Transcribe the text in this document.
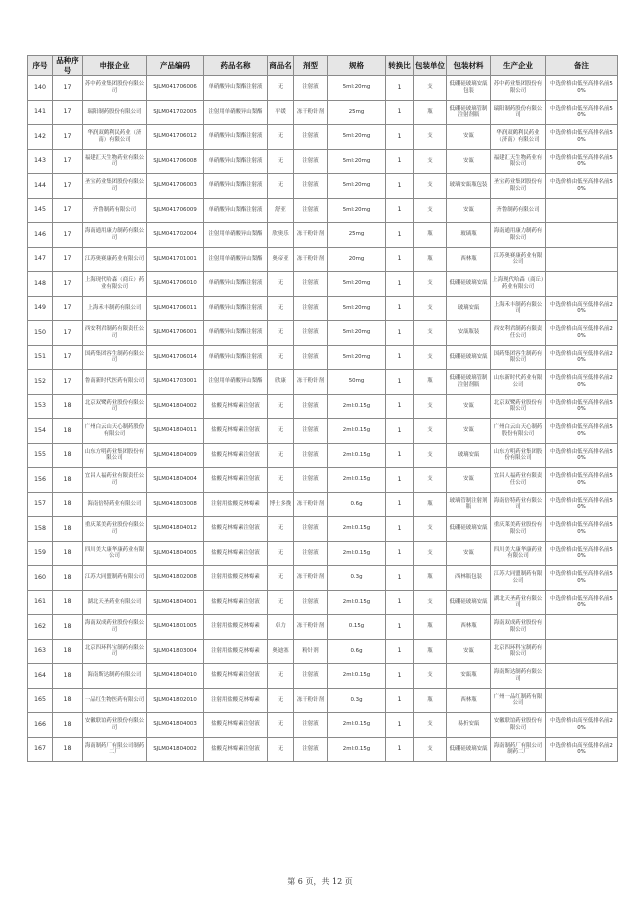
序号	品种序号	申报企业	产品编码	药品名称	商品名	剂型	规格	转换比	包装单位	包装材料	生产企业	备注
140	17	苏中药业集团股份有限公司	SJLM041706006	单硝酸异山梨酯注射液	无	注射液	5ml:20mg	1	支	低硼硅玻璃安瓿包装	苏中药业集团股份有限公司	中选价格由低至高排名前50%
141	17	瑞阳制药股份有限公司	SJLM041702005	注射用单硝酸异山梨酯	平缓	冻干粉针剂	25mg	1	瓶	低硼硅玻璃管制注射剂瓶	瑞阳制药股份有限公司	中选价格由低至高排名前50%
142	17	华润双鹤利民药业（济南）有限公司	SJLM041706012	单硝酸异山梨酯注射液	无	注射液	5ml:20mg	1	支	安瓿	华润双鹤利民药业（济南）有限公司	中选价格由低至高排名前50%
143	17	福建汇天生物药业有限公司	SJLM041706008	单硝酸异山梨酯注射液	无	注射液	5ml:20mg	1	支	安瓿	福建汇天生物药业有限公司	中选价格由低至高排名前50%
144	17	圣宝药业集团股份有限公司	SJLM041706003	单硝酸异山梨酯注射液	无	注射液	5ml:20mg	1	支	玻璃安瓿瓶包装	圣宝药业集团股份有限公司	中选价格由低至高排名前50%
145	17	齐鲁制药有限公司	SJLM041706009	单硝酸异山梨酯注射液	舒亚	注射液	5ml:20mg	1	支	安瓿	齐鲁制药有限公司	
146	17	海南通用康力制药有限公司	SJLM041702004	注射用单硝酸异山梨酯	欣奥乐	冻干粉针剂	25mg	1	瓶	玻璃瓶	海南通用康力制药有限公司	
147	17	江苏奥赛康药业有限公司	SJLM041701001	注射用单硝酸异山梨酯	奥帝亚	冻干粉针剂	20mg	1	瓶	西林瓶	江苏奥赛康药业有限公司	
148	17	上海现代哈森（商丘）药业有限公司	SJLM041706010	单硝酸异山梨酯注射液	无	注射液	5ml:20mg	1	支	低硼硅玻璃安瓿	上海现代哈森（商丘）药业有限公司	
149	17	上海禾丰制药有限公司	SJLM041706011	单硝酸异山梨酯注射液	无	注射液	5ml:20mg	1	支	玻璃安瓿	上海禾丰制药有限公司	中选价格由高至低排名前20%
150	17	西安利君制药有限责任公司	SJLM041706001	单硝酸异山梨酯注射液	无	注射液	5ml:20mg	1	支	安瓿瓶装	西安利君制药有限责任公司	中选价格由高至低排名前20%
151	17	国药集团容生制药有限公司	SJLM041706014	单硝酸异山梨酯注射液	无	注射液	5ml:20mg	1	支	低硼硅玻璃安瓿	国药集团容生制药有限公司	中选价格由高至低排名前20%
152	17	鲁南新时代医药有限公司	SJLM041703001	注射用单硝酸异山梨酯	欣康	冻干粉针剂	50mg	1	瓶	低硼硅玻璃管制注射剂瓶	山东新时代药业有限公司	中选价格由高至低排名前20%
153	18	北京双鹭药业股份有限公司	SJLM041804002	盐酸克林霉素注射液	无	注射液	2ml:0.15g	1	支	安瓿	北京双鹭药业股份有限公司	中选价格由低至高排名前50%
154	18	广州白云山天心制药股份有限公司	SJLM041804011	盐酸克林霉素注射液	无	注射液	2ml:0.15g	1	支	安瓿	广州白云山天心制药股份有限公司	中选价格由低至高排名前50%
155	18	山东方明药业集团股份有限公司	SJLM041804009	盐酸克林霉素注射液	无	注射液	2ml:0.15g	1	支	玻璃安瓿	山东方明药业集团股份有限公司	中选价格由低至高排名前50%
156	18	宜昌人福药业有限责任公司	SJLM041804004	盐酸克林霉素注射液	无	注射液	2ml:0.15g	1	支	安瓿	宜昌人福药业有限责任公司	中选价格由低至高排名前50%
157	18	海南倍特药业有限公司	SJLM041803008	注射用盐酸克林霉素	博士多挽	冻干粉针剂	0.6g	1	瓶	玻璃管制注射剂瓶	海南倍特药业有限公司	中选价格由低至高排名前50%
158	18	重庆莱美药业股份有限公司	SJLM041804012	盐酸克林霉素注射液	无	注射液	2ml:0.15g	1	支	低硼硅玻璃安瓿	重庆莱美药业股份有限公司	中选价格由低至高排名前50%
159	18	四川美大康华康药业有限公司	SJLM041804005	盐酸克林霉素注射液	无	注射液	2ml:0.15g	1	支	安瓿	四川美大康华康药业有限公司	中选价格由低至高排名前50%
160	18	江苏大同盟制药有限公司	SJLM041802008	注射用盐酸克林霉素	无	冻干粉针剂	0.3g	1	瓶	西林瓶包装	江苏大同盟制药有限公司	中选价格由低至高排名前50%
161	18	湖北天圣药业有限公司	SJLM041804001	盐酸克林霉素注射液	无	注射液	2ml:0.15g	1	支	低硼硅玻璃安瓿	湖北天圣药业有限公司	中选价格由低至高排名前50%
162	18	海南双成药业股份有限公司	SJLM041801005	注射用盐酸克林霉素	卓力	冻干粉针剂	0.15g	1	瓶	西林瓶	海南双成药业股份有限公司	
163	18	北京四环科宝制药有限公司	SJLM041803004	注射用盐酸克林霉素	奥迪塞	粉针剂	0.6g	1	瓶	安瓿	北京四环科宝制药有限公司	
164	18	海南斯达制药有限公司	SJLM041804010	盐酸克林霉素注射液	无	注射液	2ml:0.15g	1	支	安瓿瓶	海南斯达制药有限公司	
165	18	一品红生物医药有限公司	SJLM041802010	注射用盐酸克林霉素	无	冻干粉针剂	0.3g	1	瓶	西林瓶	广州一品红制药有限公司	
166	18	安徽联谊药业股份有限公司	SJLM041804003	盐酸克林霉素注射液	无	注射液	2ml:0.15g	1	支	易折安瓿	安徽联谊药业股份有限公司	中选价格由高至低排名前20%
167	18	海南制药厂有限公司制药二厂	SJLM041804002	盐酸克林霉素注射液	无	注射液	2ml:0.15g	1	支	低硼硅玻璃安瓿	海南制药厂有限公司制药二厂	中选价格由高至低排名前20%
第 6 页，共 12 页
